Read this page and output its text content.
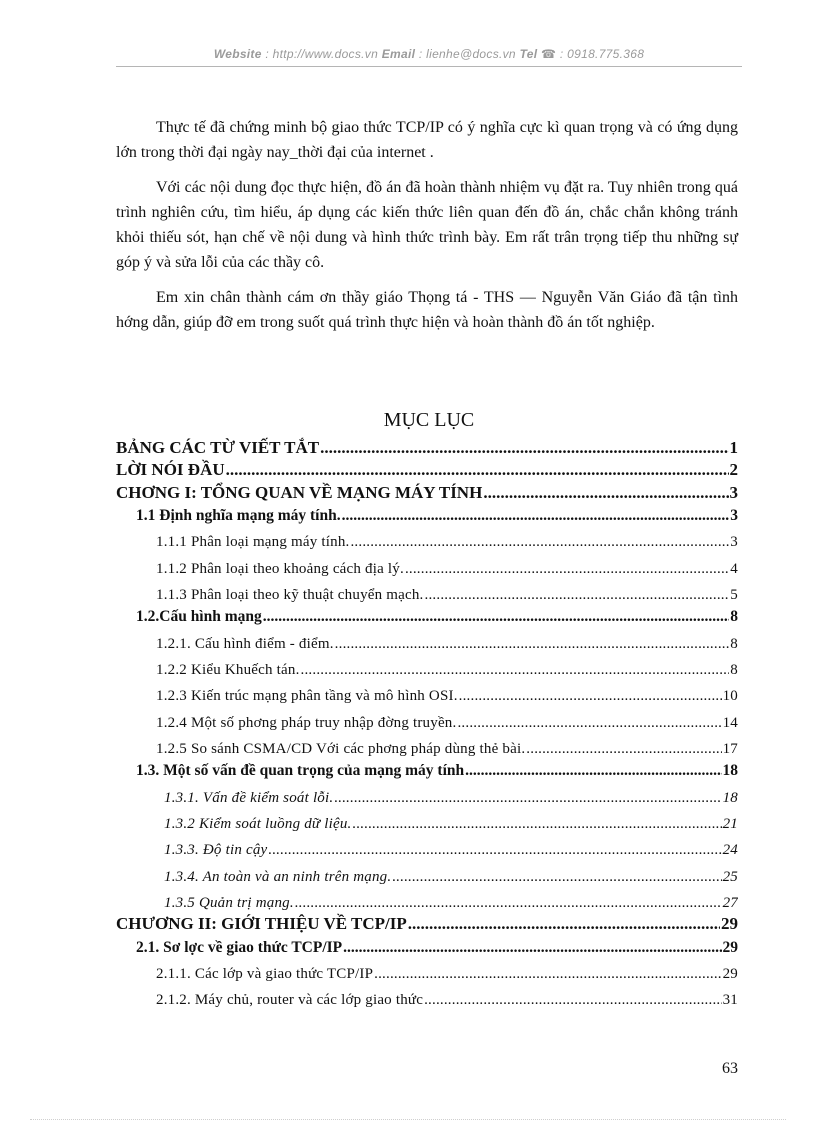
Website : http://www.docs.vn Email : lienhe@docs.vn Tel ☎ : 0918.775.368

Thực tế đã chứng minh bộ giao thức TCP/IP có ý nghĩa cực kì quan trọng và có ứng dụng lớn trong thời đại ngày nay_thời đại của internet .

Với các nội dung đọc thực hiện, đồ án đã hoàn thành nhiệm vụ đặt ra. Tuy nhiên trong quá trình nghiên cứu, tìm hiểu, áp dụng các kiến thức liên quan đến đồ án, chắc chắn không tránh khỏi thiếu sót, hạn chế về nội dung và hình thức trình bày. Em rất trân trọng tiếp thu những sự góp ý và sửa lỗi của các thầy cô.

Em xin chân thành cám ơn thầy giáo Thọng tá - THS — Nguyễn Văn Giáo đã tận tình hớng dẫn, giúp đỡ em trong suốt quá trình thực hiện và hoàn thành đồ án tốt nghiệp.

MỤC LỤC
BẢNG CÁC TỪ VIẾT TẮT .....	1
LỜI NÓI ĐẦU .....	2
CHƠNG I: TỔNG QUAN VỀ MẠNG MÁY TÍNH .....	3
1.1 Định nghĩa mạng máy tính. .....	3
1.1.1 Phân loại mạng máy tính. .....	3
1.1.2 Phân loại theo khoảng cách địa lý. .....	4
1.1.3 Phân loại theo kỹ thuật chuyển mạch. .....	5
1.2.Cấu hình mạng .....	8
1.2.1. Cấu hình điểm - điểm. .....	8
1.2.2 Kiểu Khuếch tán. .....	8
1.2.3 Kiến trúc mạng phân tầng và mô hình OSI. .....	10
1.2.4 Một số phơng pháp truy nhập đờng truyền. .....	14
1.2.5 So sánh CSMA/CD Với các phơng pháp dùng thẻ bài. .....	17
1.3. Một số vấn đề quan trọng của mạng máy tính .....	18
1.3.1. Vấn đề kiểm soát lỗi. .....	18
1.3.2 Kiểm soát luồng dữ liệu. .....	21
1.3.3. Độ tin cậy .....	24
1.3.4. An toàn và an ninh trên mạng. .....	25
1.3.5 Quản trị mạng. .....	27
CHƯƠNG II: GIỚI THIỆU VỀ TCP/IP .....	29
2.1. Sơ lợc về giao thức TCP/IP .....	29
2.1.1. Các lớp và giao thức TCP/IP .....	29
2.1.2. Máy chủ, router và các lớp giao thức .....	31
63
